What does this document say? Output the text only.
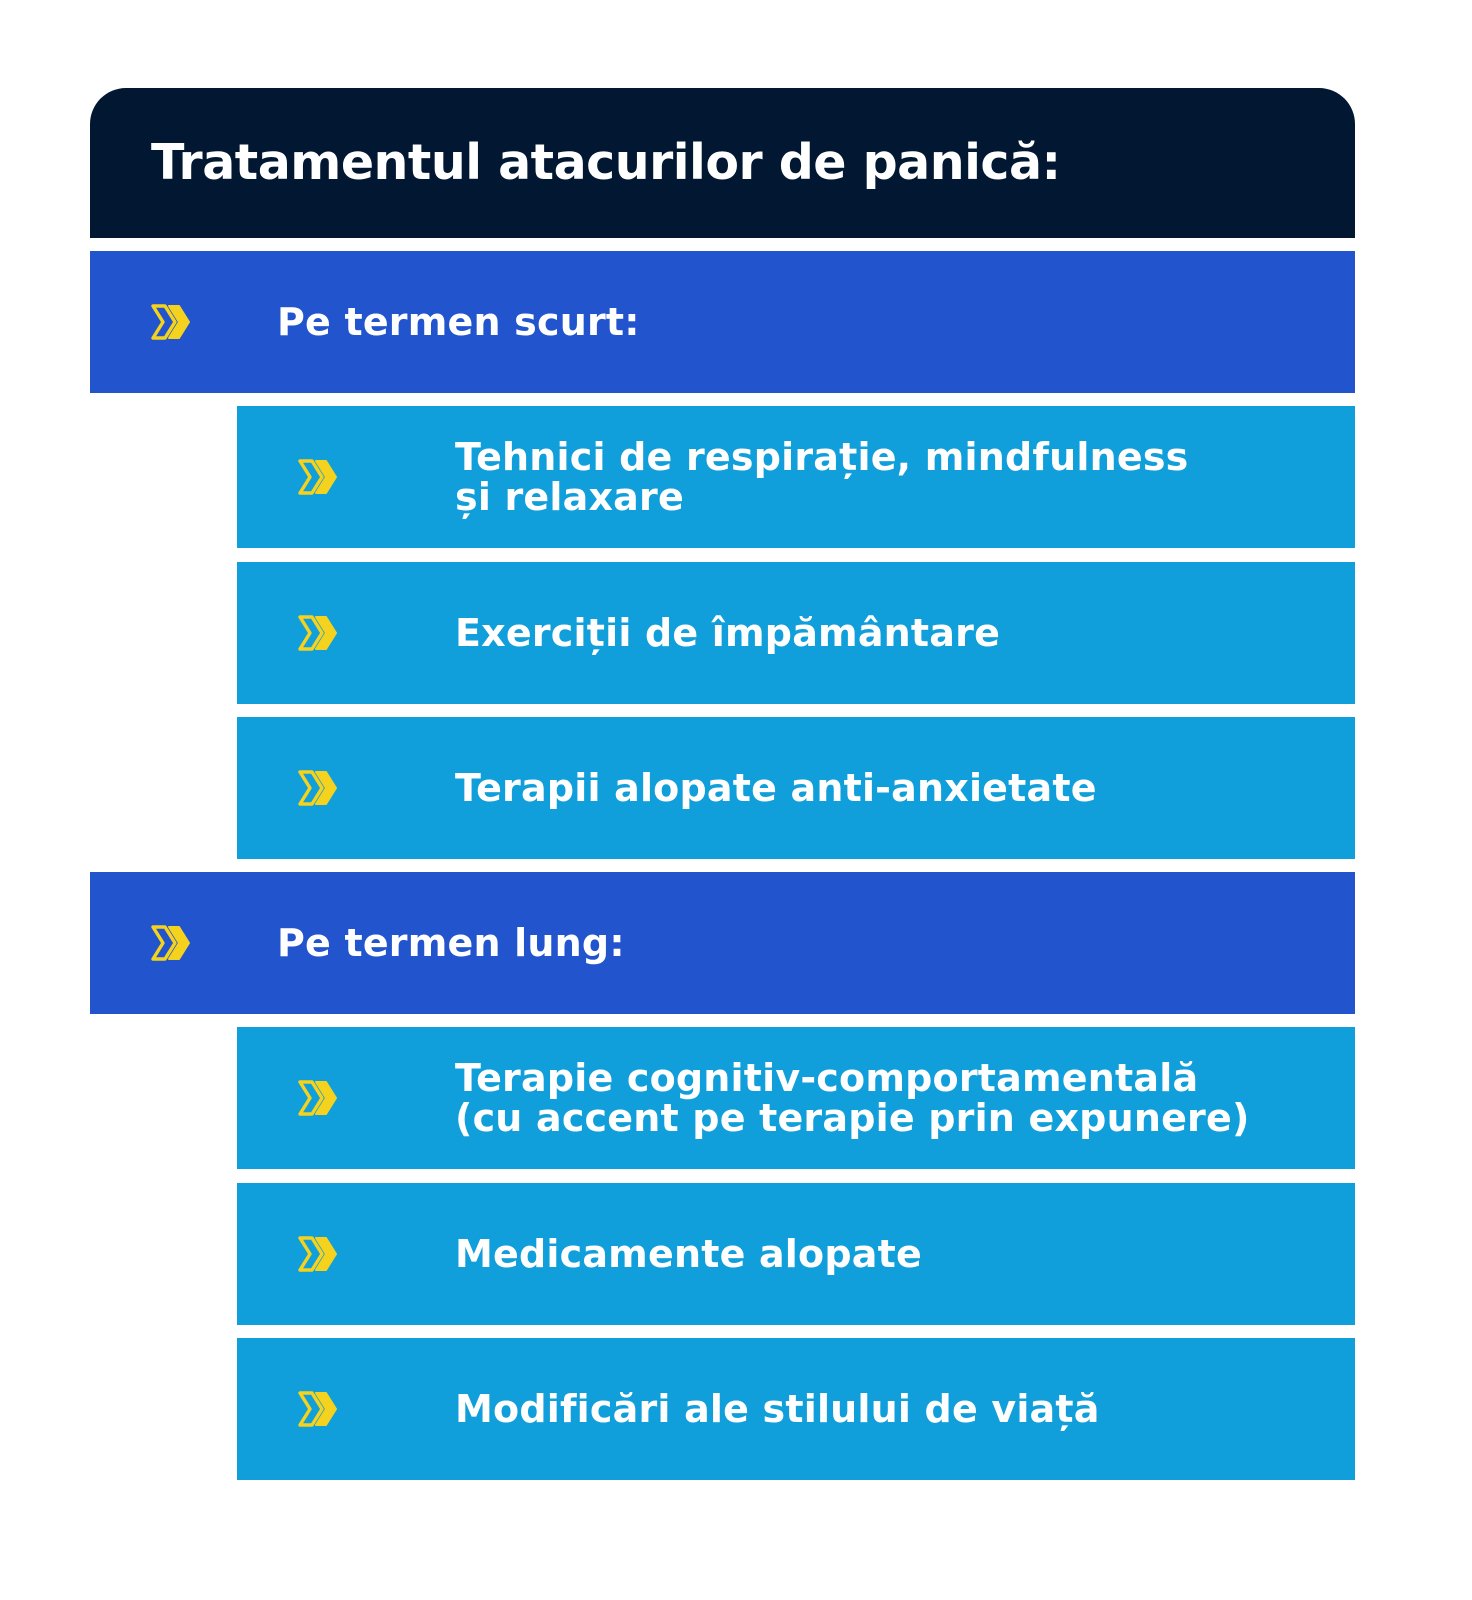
Tratamentul atacurilor de panică:
Pe termen scurt:
Tehnici de respirație, mindfulness
și relaxare
Exerciții de împământare
Terapii alopate anti-anxietate
Pe termen lung:
Terapie cognitiv-comportamentală
(cu accent pe terapie prin expunere)
Medicamente alopate
Modificări ale stilului de viață
